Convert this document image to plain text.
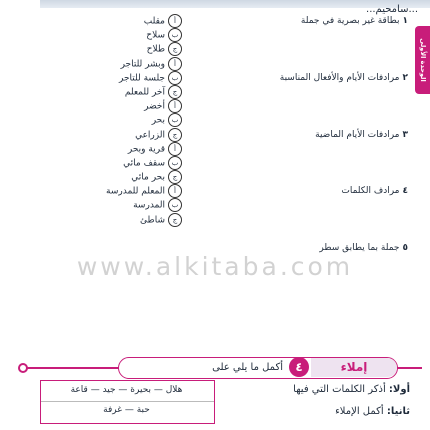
...سامحيم...
الوحدة الأولى
١بطاقة غير بصرية في جملة
٢مرادفات الأيام والأفعال المناسبة
٣مرادفات الأيام الماضية
٤مرادف الكلمات
٥جملة بما يطابق سطر
أمقلب
بسلاح
جطلاح
أوبشر للتاجر
بجلسة للتاجر
جآخر للمعلم
أأخضر
ببحر
جالزراعي
أقرية وبحر
بسقف مائي
جبحر مائي
أالمعلم للمدرسة
بالمدرسة
جشاطئ
www.alkitaba.com
إملاء
٤
أكمل ما يلي على
هلال — بحيرة — جيد — قاعة
حبة — غرفة
أولا: أذكر الكلمات التي فيها
ثانيا: أكمل الإملاء
